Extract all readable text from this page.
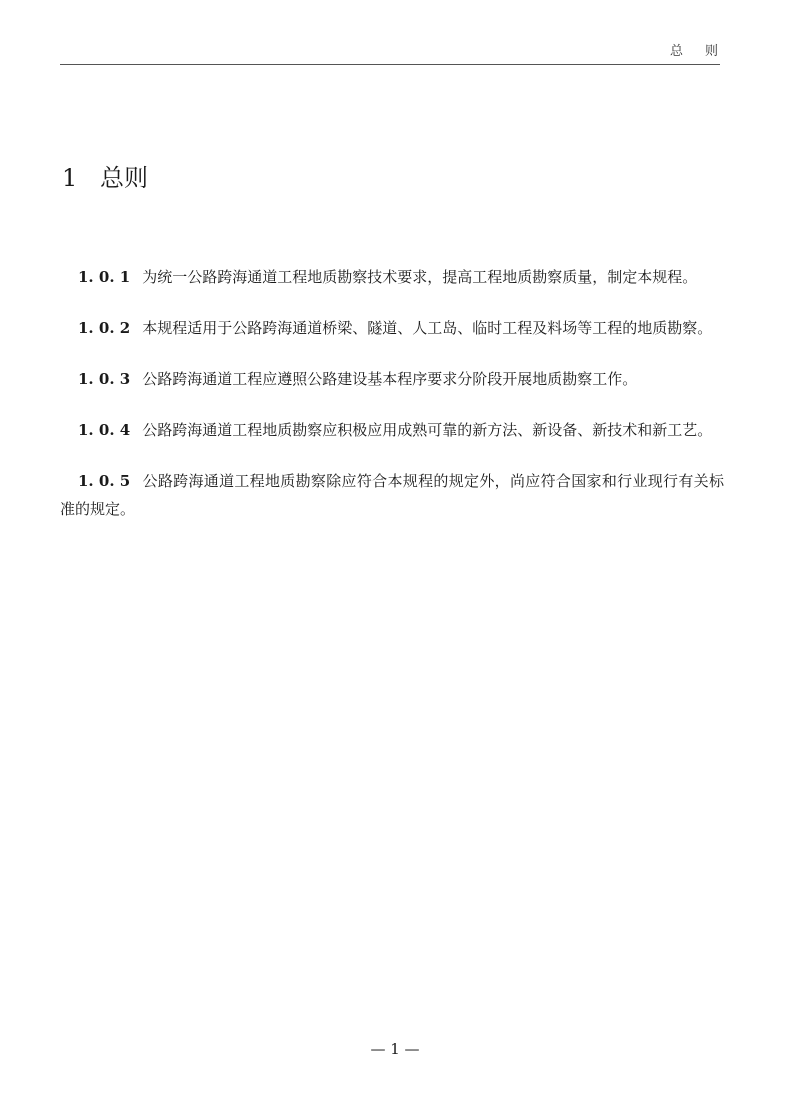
总则
1 总则

1. 0. 1 为统一公路跨海通道工程地质勘察技术要求，提高工程地质勘察质量，制定本规程。

1. 0. 2 本规程适用于公路跨海通道桥梁、隧道、人工岛、临时工程及料场等工程的地质勘察。

1. 0. 3 公路跨海通道工程应遵照公路建设基本程序要求分阶段开展地质勘察工作。

1. 0. 4 公路跨海通道工程地质勘察应积极应用成熟可靠的新方法、新设备、新技术和新工艺。

1. 0. 5 公路跨海通道工程地质勘察除应符合本规程的规定外，尚应符合国家和行业现行有关标准的规定。

— 1 —
